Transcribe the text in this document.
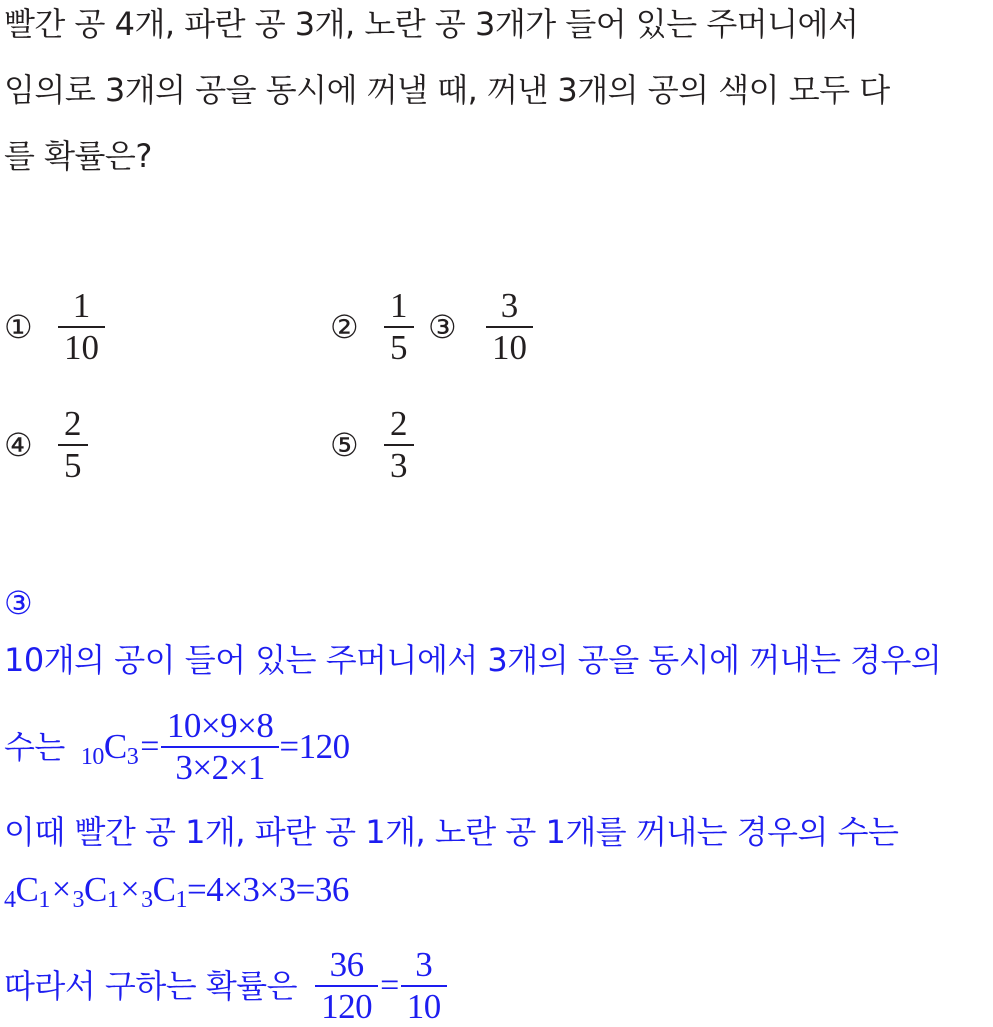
빨간 공 4개, 파란 공 3개, 노란 공 3개가 들어 있는 주머니에서
임의로 3개의 공을 동시에 꺼낼 때, 꺼낸 3개의 공의 색이 모두 다
를 확률은?
① $\frac{1}{10}$	② $\frac{1}{5}$ ③ $\frac{3}{10}$
④ $\frac{2}{5}$	⑤ $\frac{2}{3}$
③
10개의 공이 들어 있는 주머니에서 3개의 공을 동시에 꺼내는 경우의
수는 10 C $3 = \frac{10\times 9\times 8}{3\times 2\times 1} =120$
이때 빨간 공 1개, 파란 공 1개, 노란 공 1개를 꺼내는 경우의 수는
4 C 1 × 3 C 1 × 3 C 1 =4×3×3=36
따라서 구하는 확률은 $\frac{36}{120} = \frac{3}{10}$
